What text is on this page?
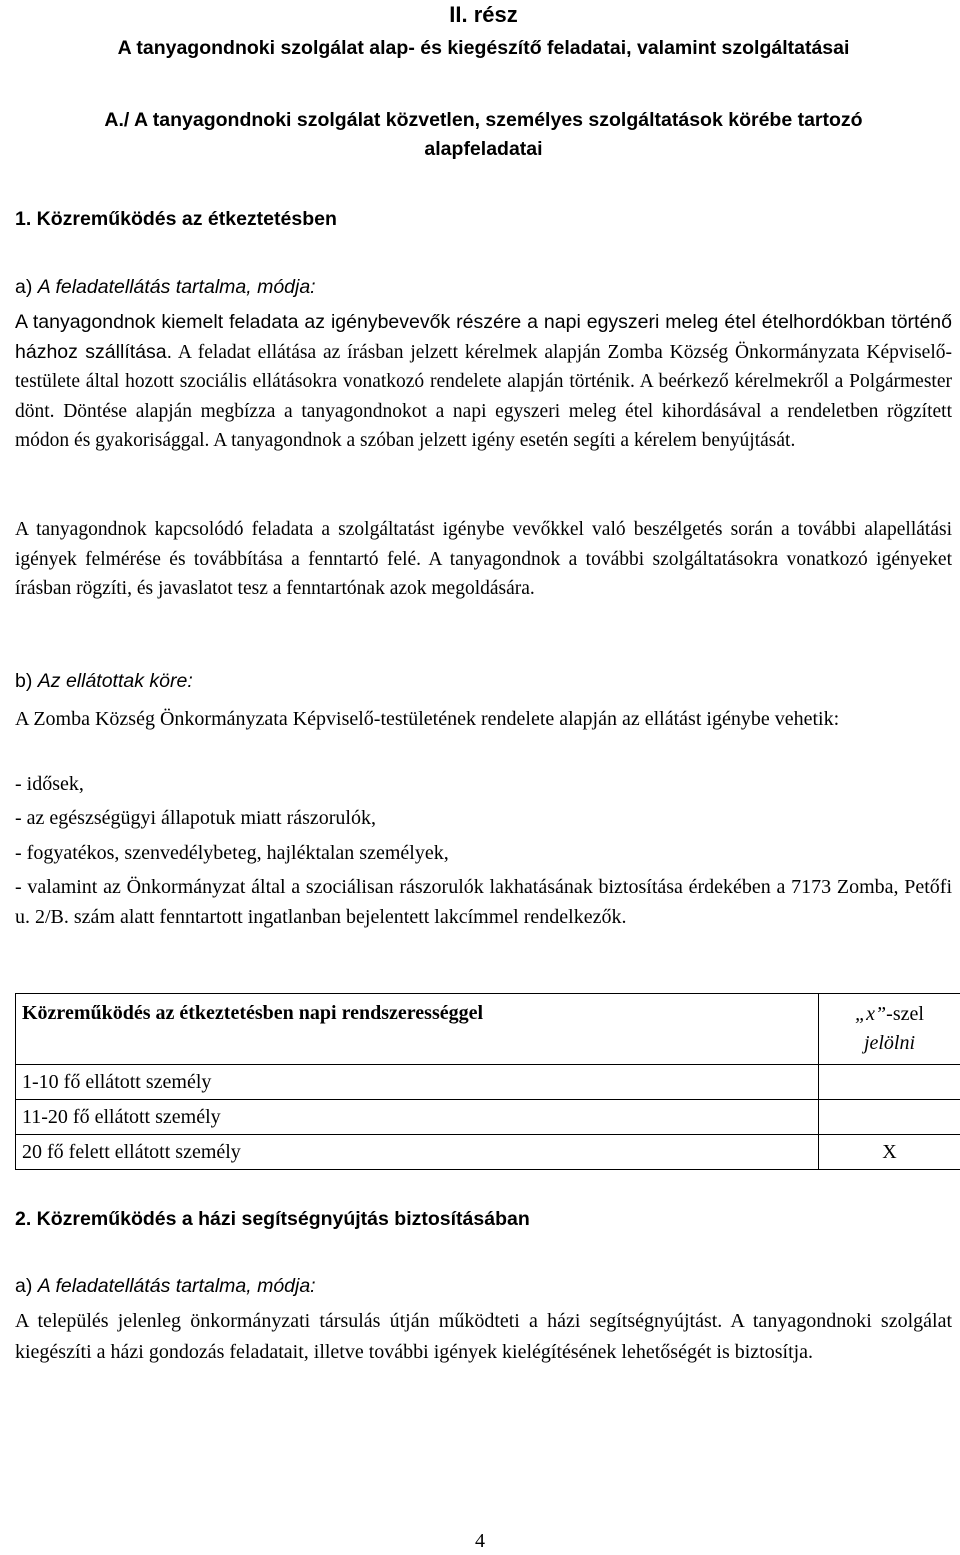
II. rész
A tanyagondnoki szolgálat alap- és kiegészítő feladatai, valamint szolgáltatásai
A./ A tanyagondnoki szolgálat közvetlen, személyes szolgáltatások körébe tartozó
alapfeladatai
1. Közreműködés az étkeztetésben
a) A feladatellátás tartalma, módja:

A tanyagondnok kiemelt feladata az igénybevevők részére a napi egyszeri meleg étel ételhordókban történő házhoz szállítása. A feladat ellátása az írásban jelzett kérelmek alapján Zomba Község Önkormányzata Képviselő-testülete által hozott szociális ellátásokra vonatkozó rendelete alapján történik. A beérkező kérelmekről a Polgármester dönt. Döntése alapján megbízza a tanyagondnokot a napi egyszeri meleg étel kihordásával a rendeletben rögzített módon és gyakorisággal. A tanyagondnok a szóban jelzett igény esetén segíti a kérelem benyújtását.

A tanyagondnok kapcsolódó feladata a szolgáltatást igénybe vevőkkel való beszélgetés során a további alapellátási igények felmérése és továbbítása a fenntartó felé. A tanyagondnok a további szolgáltatásokra vonatkozó igényeket írásban rögzíti, és javaslatot tesz a fenntartónak azok megoldására.

b) Az ellátottak köre:

A Zomba Község Önkormányzata Képviselő-testületének rendelete alapján az ellátást igénybe vehetik:

- idősek,

- az egészségügyi állapotuk miatt rászorulók,

- fogyatékos, szenvedélybeteg, hajléktalan személyek,

- valamint az Önkormányzat által a szociálisan rászorulók lakhatásának biztosítása érdekében a 7173 Zomba, Petőfi u. 2/B. szám alatt fenntartott ingatlanban bejelentett lakcímmel rendelkezők.

Közreműködés az étkeztetésben napi rendszerességgel	„x”-szel
jelölni
1-10 fő ellátott személy	
11-20 fő ellátott személy	
20 fő felett ellátott személy	X
2. Közreműködés a házi segítségnyújtás biztosításában
a) A feladatellátás tartalma, módja:

A település jelenleg önkormányzati társulás útján működteti a házi segítségnyújtást. A tanyagondnoki szolgálat kiegészíti a házi gondozás feladatait, illetve további igények kielégítésének lehetőségét is biztosítja.

4
